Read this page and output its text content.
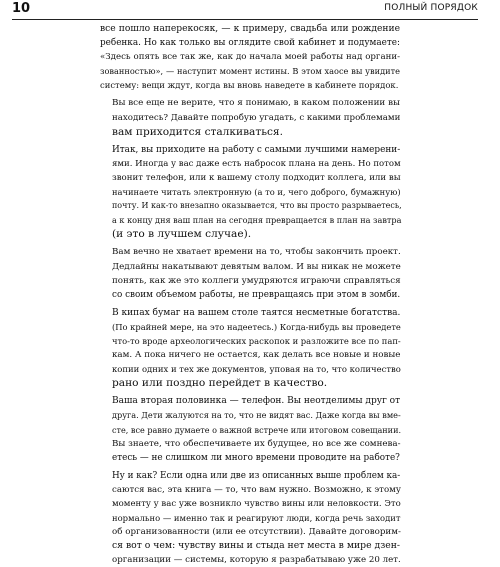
10	ПОЛНЫЙ ПОРЯДОК
все пошло наперекосяк, — к примеру, свадьба или рождение
ребенка. Но как только вы оглядите свой кабинет и подумаете:
«Здесь опять все так же, как до начала моей работы над органи-
зованностью», — наступит момент истины. В этом хаосе вы увидите
систему: вещи ждут, когда вы вновь наведете в кабинете порядок.
Вы все еще не верите, что я понимаю, в каком положении вы
находитесь? Давайте попробую угадать, с какими проблемами
вам приходится сталкиваться.
Итак, вы приходите на работу с самыми лучшими намерени-
ями. Иногда у вас даже есть набросок плана на день. Но потом
звонит телефон, или к вашему столу подходит коллега, или вы
начинаете читать электронную (а то и, чего доброго, бумажную)
почту. И как-то внезапно оказывается, что вы просто разрываетесь,
а к концу дня ваш план на сегодня превращается в план на завтра
(и это в лучшем случае).
Вам вечно не хватает времени на то, чтобы закончить проект.
Дедлайны накатывают девятым валом. И вы никак не можете
понять, как же это коллеги умудряются играючи справляться
со своим объемом работы, не превращаясь при этом в зомби.
В кипах бумаг на вашем столе таятся несметные богатства.
(По крайней мере, на это надеетесь.) Когда-нибудь вы проведете
что-то вроде археологических раскопок и разложите все по пап-
кам. А пока ничего не остается, как делать все новые и новые
копии одних и тех же документов, уповая на то, что количество
рано или поздно перейдет в качество.
Ваша вторая половинка — телефон. Вы неотделимы друг от
друга. Дети жалуются на то, что не видят вас. Даже когда вы вме-
сте, все равно думаете о важной встрече или итоговом совещании.
Вы знаете, что обеспечиваете их будущее, но все же сомнева-
етесь — не слишком ли много времени проводите на работе?
Ну и как? Если одна или две из описанных выше проблем ка-
саются вас, эта книга — то, что вам нужно. Возможно, к этому
моменту у вас уже возникло чувство вины или неловкости. Это
нормально — именно так и реагируют люди, когда речь заходит
об организованности (или ее отсутствии). Давайте договорим-
ся вот о чем: чувству вины и стыда нет места в мире дзен-
организации — системы, которую я разрабатываю уже 20 лет.
